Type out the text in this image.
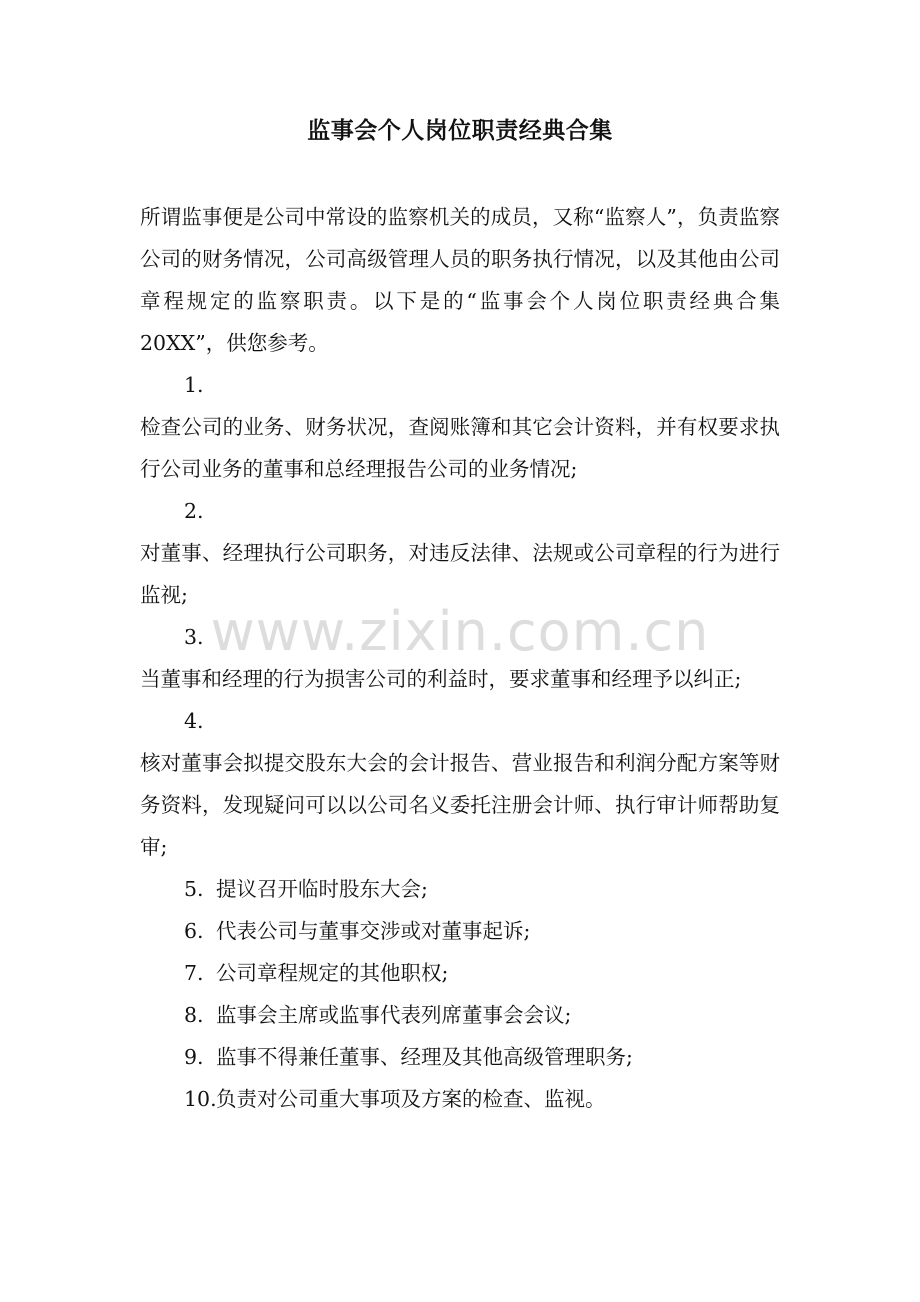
监事会个人岗位职责经典合集

所谓监事便是公司中常设的监察机关的成员，又称“监察人”，负责监察公司的财务情况，公司高级管理人员的职务执行情况，以及其他由公司章程规定的监察职责。以下是的“监事会个人岗位职责经典合集20XX”，供您参考。

1.

检查公司的业务、财务状况，查阅账簿和其它会计资料，并有权要求执行公司业务的董事和总经理报告公司的业务情况;

2.

对董事、经理执行公司职务，对违反法律、法规或公司章程的行为进行监视;

3.

当董事和经理的行为损害公司的利益时，要求董事和经理予以纠正;

4.

核对董事会拟提交股东大会的会计报告、营业报告和利润分配方案等财务资料，发现疑问可以以公司名义委托注册会计师、执行审计师帮助复审;

5. 提议召开临时股东大会;

6. 代表公司与董事交涉或对董事起诉;

7. 公司章程规定的其他职权;

8. 监事会主席或监事代表列席董事会会议;

9. 监事不得兼任董事、经理及其他高级管理职务;

10.负责对公司重大事项及方案的检查、监视。

www.zixin.com.cn
